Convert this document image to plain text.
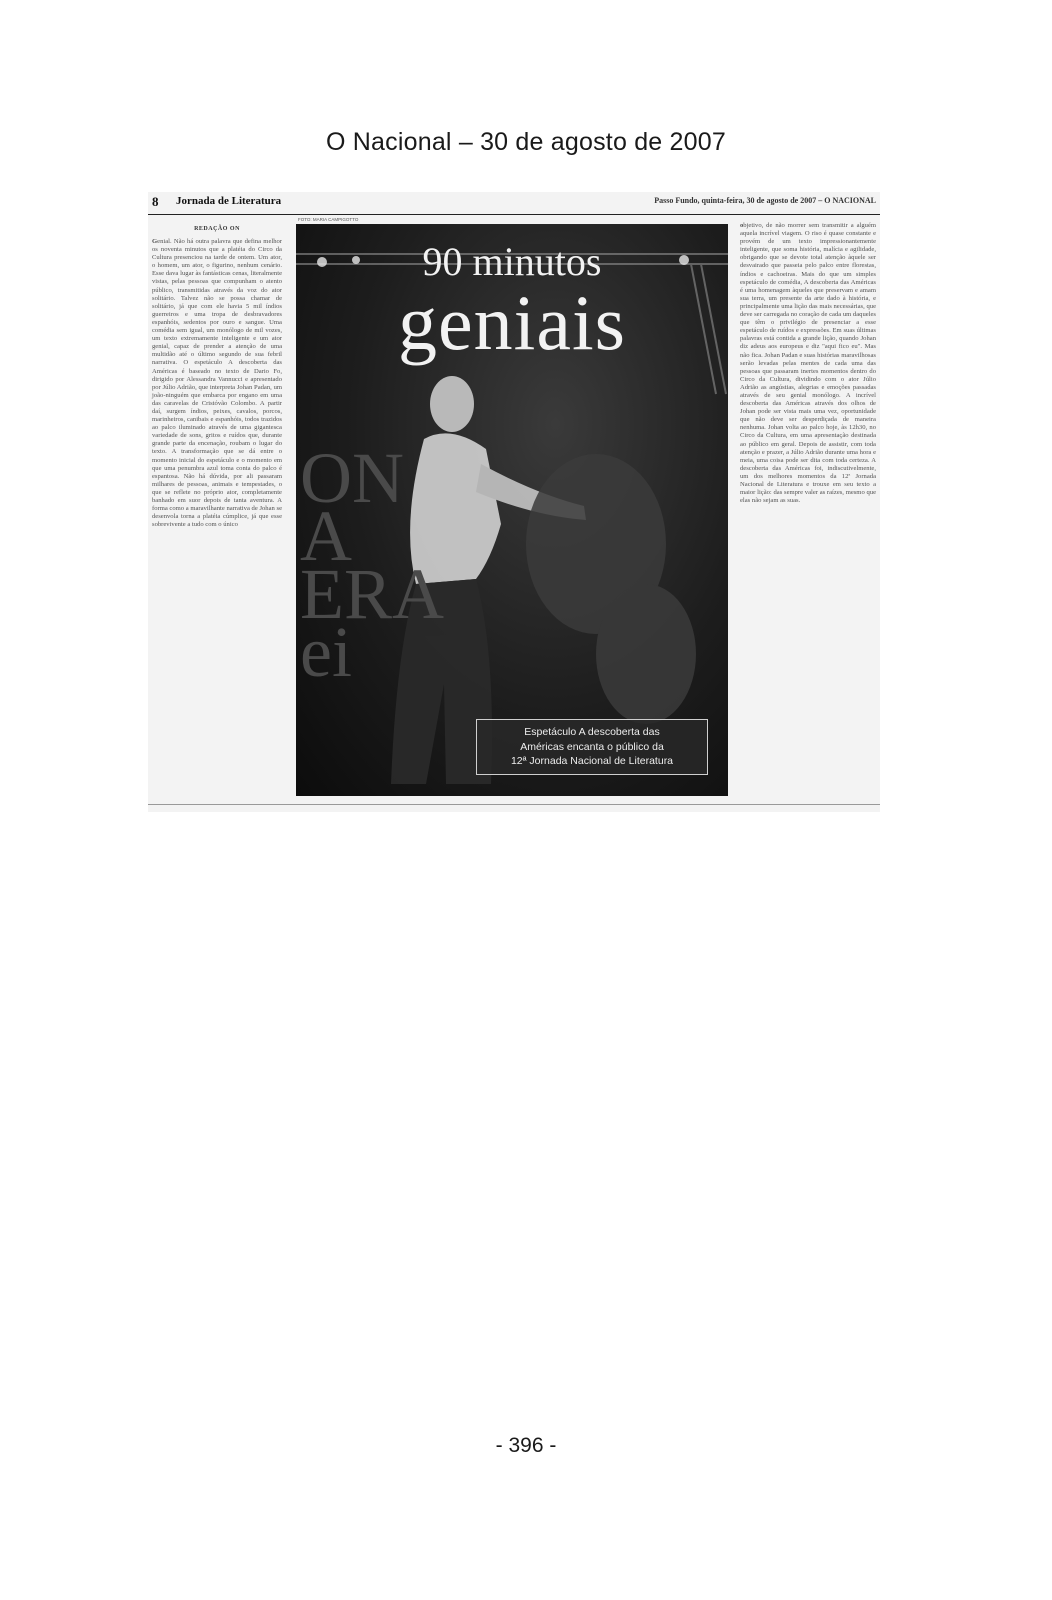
O Nacional – 30 de agosto de 2007
8 Jornada de Literatura	Passo Fundo, quinta-feira, 30 de agosto de 2007 – O NACIONAL
REDAÇÃO ON

Genial. Não há outra palavra que defina melhor os noventa minutos que a platéia do Circo da Cultura presenciou na tarde de ontem. Um ator, o homem, um ator, o figurino, nenhum cenário. Esse dava lugar às fantásticas cenas, literalmente vistas, pelas pessoas que compunham o atento público, transmitidas através da voz do ator solitário. Talvez não se possa chamar de solitário, já que com ele havia 5 mil índios guerreiros e uma tropa de desbravadores espanhóis, sedentos por ouro e sangue. Uma comédia sem igual, um monólogo de mil vozes, um texto extremamente inteligente e um ator genial, capaz de prender a atenção de uma multidão até o último segundo de sua febril narrativa. O espetáculo A descoberta das Américas é baseado no texto de Dario Fo, dirigido por Alessandra Vannucci e apresentado por Júlio Adrião, que interpreta Johan Padan, um joão-ninguém que embarca por engano em uma das caravelas de Cristóvão Colombo. A partir daí, surgem índios, peixes, cavalos, porcos, marinheiros, canibais e espanhóis, todos trazidos ao palco iluminado através de uma gigantesca variedade de sons, gritos e ruídos que, durante grande parte da encenação, roubam o lugar do texto. A transformação que se dá entre o momento inicial do espetáculo e o momento em que uma penumbra azul toma conta do palco é espantosa. Não há dúvida, por ali passaram milhares de pessoas, animais e tempestades, o que se reflete no próprio ator, completamente banhado em suor depois de tanta aventura. A forma como a maravilhante narrativa de Johan se desenvola torna a platéia cúmplice, já que esse sobrevivente a tudo com o único

FOTO: MARIA CAMPIGOTTO
ON
A
ERA
ei
90 minutos
geniais
Espetáculo A descoberta das
Américas encanta o público da
12ª Jornada Nacional de Literatura

objetivo, de não morrer sem transmitir a alguém aquela incrível viagem. O riso é quase constante e provém de um texto impressionantemente inteligente, que soma história, malícia e agilidade, obrigando que se devote total atenção àquele ser desvairado que passeia pelo palco entre florestas, índios e cachoeiras. Mais do que um simples espetáculo de comédia, A descoberta das Américas é uma homenagem àqueles que preservam e amam sua terra, um presente da arte dado à história, e principalmente uma lição das mais necessárias, que deve ser carregada no coração de cada um daqueles que têm o privilégio de presenciar a esse espetáculo de ruídos e expressões. Em suas últimas palavras está contida a grande lição, quando Johan diz adeus aos europeus e diz "aqui fico eu". Mas não fica. Johan Padan e suas histórias maravilhosas serão levadas pelas mentes de cada uma das pessoas que passaram inertes momentos dentro do Circo da Cultura, dividindo com o ator Júlio Adrião as angústias, alegrias e emoções passadas através de seu genial monólogo. A incrível descoberta das Américas através dos olhos de Johan pode ser vista mais uma vez, oportunidade que não deve ser desperdiçada de maneira nenhuma. Johan volta ao palco hoje, às 12h30, no Circo da Cultura, em uma apresentação destinada ao público em geral. Depois de assistir, com toda atenção e prazer, a Júlio Adrião durante uma hora e meia, uma coisa pode ser dita com toda certeza. A descoberta das Américas foi, indiscutivelmente, um dos melhores momentos da 12ª Jornada Nacional de Literatura e trouxe em seu texto a maior lição: das sempre valer as raízes, mesmo que elas não sejam as suas.

- 396 -
